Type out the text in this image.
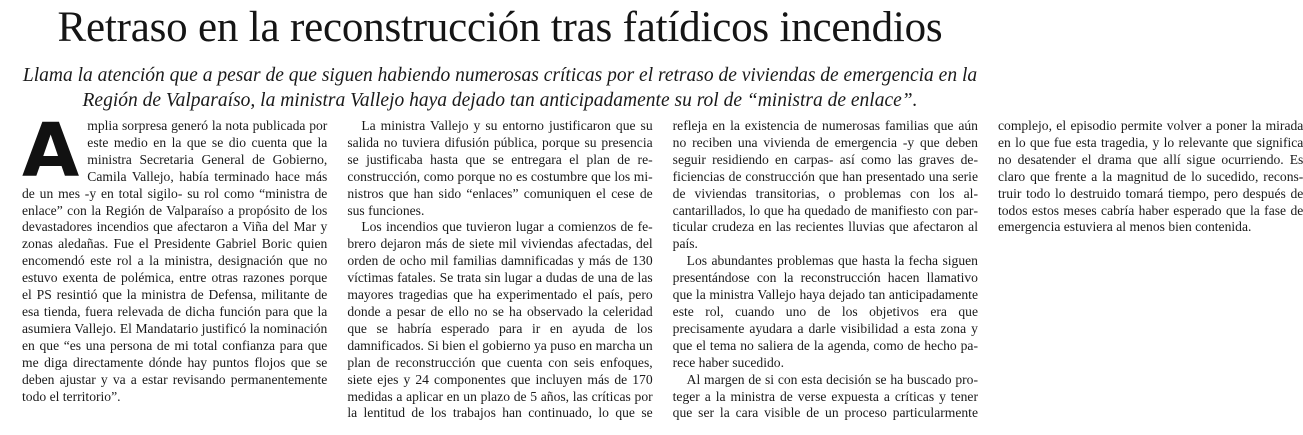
Retraso en la reconstrucción tras fatídicos incendios
Llama la atención que a pesar de que siguen habiendo numerosas críticas por el retraso de viviendas de emergencia en la Región de Valparaíso, la ministra Vallejo haya dejado tan anticipadamente su rol de “ministra de enlace”.

Amplia sorpresa generó la nota publicada por este medio en la que se dio cuenta que la ministra Secretaria General de Gobierno, Camila Vallejo, había terminado hace más de un mes -y en total sigilo- su rol como “ministra de enlace” con la Región de Valparaíso a propósito de los devastadores incendios que afectaron a Viña del Mar y zonas aledañas. Fue el Presidente Gabriel Boric quien encomendó este rol a la ministra, designación que no estuvo exenta de polémica, entre otras razones porque el PS resintió que la ministra de Defensa, militante de esa tienda, fuera relevada de dicha función para que la asumiera Vallejo. El Mandatario justificó la nominación en que “es una persona de mi total confianza para que me diga directamente dónde hay puntos flojos que se deben ajustar y va a estar revisando permanentemente todo el territorio”.

La ministra Vallejo y su entorno justificaron que su salida no tuviera difusión pública, porque su presencia se justificaba hasta que se entregara el plan de reconstrucción, como porque no es costumbre que los ministros que han sido “enlaces” comuniquen el cese de sus funciones.

Los incendios que tuvieron lugar a comienzos de febrero dejaron más de siete mil viviendas afectadas, del orden de ocho mil familias damnificadas y más de 130 víctimas fatales. Se trata sin lugar a dudas de una de las mayores tragedias que ha experimentado el país, pero donde a pesar de ello no se ha observado la celeridad que se habría esperado para ir en ayuda de los damnificados. Si bien el gobierno ya puso en marcha un plan de reconstrucción que cuenta con seis enfoques, siete ejes y 24 componentes que incluyen más de 170 medidas a aplicar en un plazo de 5 años, las críticas por la lentitud de los trabajos han continuado, lo que se refleja en la existencia de numerosas familias que aún no reciben una vivienda de emergencia -y que deben seguir residiendo en carpas- así como las graves deficiencias de construcción que han presentado una serie de viviendas transitorias, o problemas con los alcantarillados, lo que ha quedado de manifiesto con particular crudeza en las recientes lluvias que afectaron al país.

Los abundantes problemas que hasta la fecha siguen presentándose con la reconstrucción hacen llamativo que la ministra Vallejo haya dejado tan anticipadamente este rol, cuando uno de los objetivos era que precisamente ayudara a darle visibilidad a esta zona y que el tema no saliera de la agenda, como de hecho parece haber sucedido.

Al margen de si con esta decisión se ha buscado proteger a la ministra de verse expuesta a críticas y tener que ser la cara visible de un proceso particularmente complejo, el episodio permite volver a poner la mirada en lo que fue esta tragedia, y lo relevante que significa no desatender el drama que allí sigue ocurriendo. Es claro que frente a la magnitud de lo sucedido, reconstruir todo lo destruido tomará tiempo, pero después de todos estos meses cabría haber esperado que la fase de emergencia estuviera al menos bien contenida.
